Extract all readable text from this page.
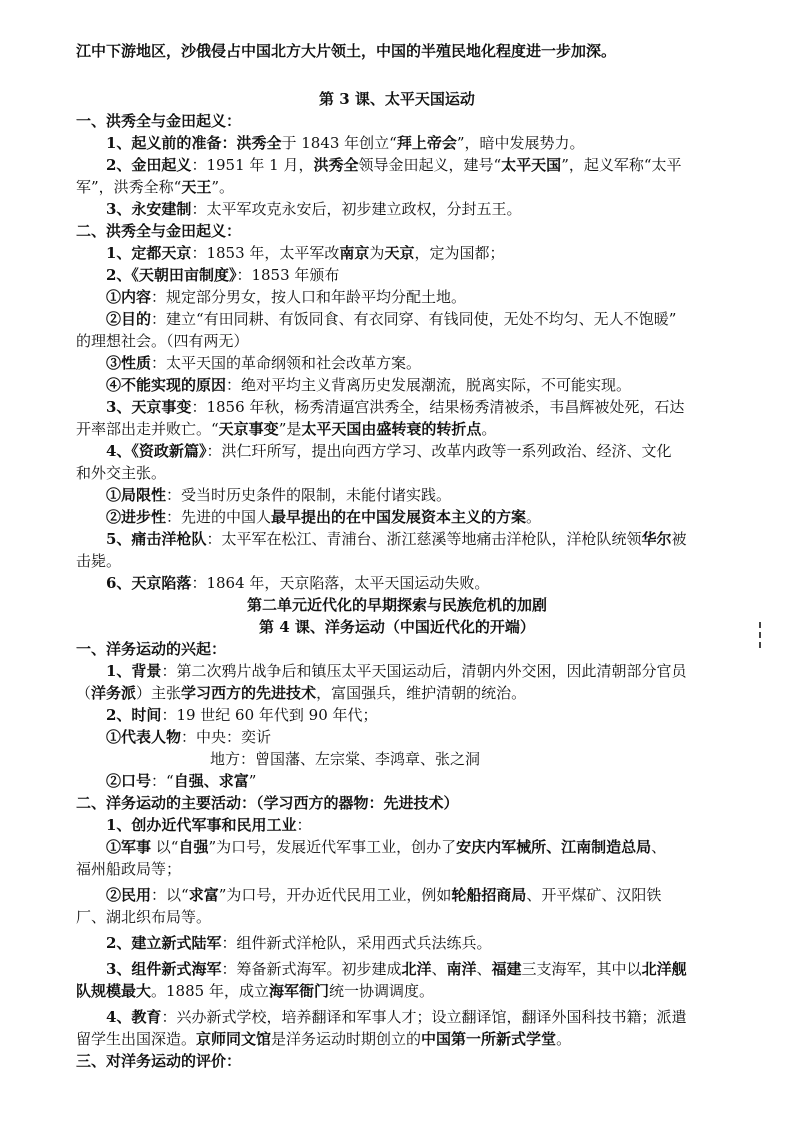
江中下游地区，沙俄侵占中国北方大片领土，中国的半殖民地化程度进一步加深。
第 3 课、太平天国运动
一、洪秀全与金田起义：
1、起义前的准备：洪秀全于 1843 年创立“拜上帝会”，暗中发展势力。
2、金田起义：1951 年 1 月，洪秀全领导金田起义，建号“太平天国”，起义军称“太平
军”，洪秀全称“天王”。
3、永安建制：太平军攻克永安后，初步建立政权，分封五王。
二、洪秀全与金田起义：
1、定都天京：1853 年，太平军改南京为天京，定为国都；
2、《天朝田亩制度》：1853 年颁布
①内容：规定部分男女，按人口和年龄平均分配土地。
②目的：建立“有田同耕、有饭同食、有衣同穿、有钱同使，无处不均匀、无人不饱暖”
的理想社会。（四有两无）
③性质：太平天国的革命纲领和社会改革方案。
④不能实现的原因：绝对平均主义背离历史发展潮流，脱离实际，不可能实现。
3、天京事变：1856 年秋，杨秀清逼宫洪秀全，结果杨秀清被杀，韦昌辉被处死，石达
开率部出走并败亡。“天京事变”是太平天国由盛转衰的转折点。
4、《资政新篇》：洪仁玕所写，提出向西方学习、改革内政等一系列政治、经济、文化
和外交主张。
①局限性：受当时历史条件的限制，未能付诸实践。
②进步性：先进的中国人最早提出的在中国发展资本主义的方案。
5、痛击洋枪队：太平军在松江、青浦台、浙江慈溪等地痛击洋枪队，洋枪队统领华尔被
击毙。
6、天京陷落：1864 年，天京陷落，太平天国运动失败。
第二单元近代化的早期探索与民族危机的加剧
第 4 课、洋务运动（中国近代化的开端）
一、洋务运动的兴起：
1、背景：第二次鸦片战争后和镇压太平天国运动后，清朝内外交困，因此清朝部分官员
（洋务派）主张学习西方的先进技术，富国强兵，维护清朝的统治。
2、时间：19 世纪 60 年代到 90 年代；
①代表人物：中央：奕䜣
地方：曾国藩、左宗棠、李鸿章、张之洞
②口号：“自强、求富”
二、洋务运动的主要活动：（学习西方的器物：先进技术）
1、创办近代军事和民用工业：
①军事 以“自强”为口号，发展近代军事工业，创办了安庆内军械所、江南制造总局、
福州船政局等；
②民用：以“求富”为口号，开办近代民用工业，例如轮船招商局、开平煤矿、汉阳铁
厂、湖北织布局等。
2、建立新式陆军：组件新式洋枪队，采用西式兵法练兵。
3、组件新式海军：筹备新式海军。初步建成北洋、南洋、福建三支海军，其中以北洋舰
队规模最大。1885 年，成立海军衙门统一协调调度。
4、教育：兴办新式学校，培养翻译和军事人才；设立翻译馆，翻译外国科技书籍；派遣
留学生出国深造。京师同文馆是洋务运动时期创立的中国第一所新式学堂。
三、对洋务运动的评价：
